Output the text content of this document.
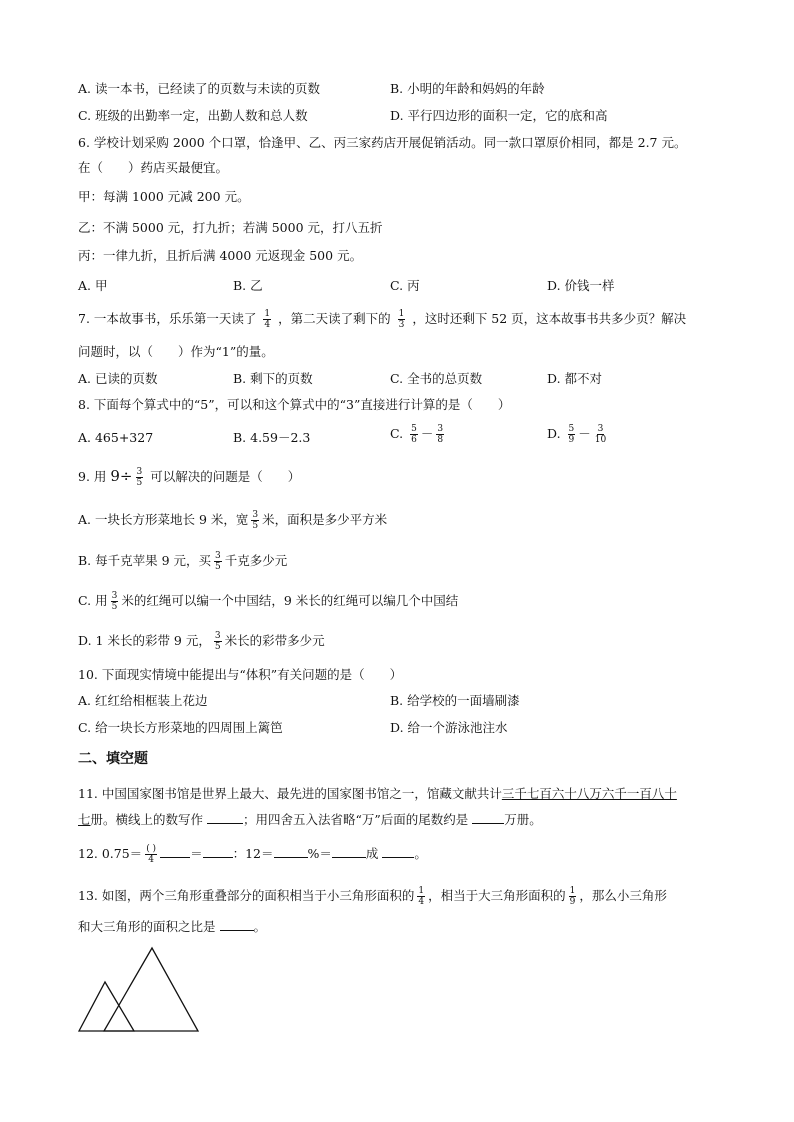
A. 读一本书，已经读了的页数与未读的页数	B. 小明的年龄和妈妈的年龄
C. 班级的出勤率一定，出勤人数和总人数	D. 平行四边形的面积一定，它的底和高
6. 学校计划采购 2000 个口罩，恰逢甲、乙、丙三家药店开展促销活动。同一款口罩原价相同，都是 2.7 元。
在（　　）药店买最便宜。
甲：每满 1000 元减 200 元。
乙：不满 5000 元，打九折；若满 5000 元，打八五折
丙：一律九折，且折后满 4000 元返现金 500 元。
A. 甲	B. 乙	C. 丙	D. 价钱一样
7. 一本故事书，乐乐第一天读了 $\frac{1}{4}$ ，第二天读了剩下的 $\frac{1}{3}$ ，这时还剩下 52 页，这本故事书共多少页？解决
问题时，以（　　）作为“1”的量。
A. 已读的页数	B. 剩下的页数	C. 全书的总页数	D. 都不对
8. 下面每个算式中的“5”，可以和这个算式中的“3”直接进行计算的是（　　）
A. 465+327	B. 4.59－2.3	C. $\frac{5}{6} - \frac{3}{8}$	D. $\frac{5}{9} - \frac{3}{10}$
9. 用 $9\div \frac{3}{5}$ 可以解决的问题是（　　）
A. 一块长方形菜地长 9 米，宽 $\frac{3}{5}$ 米，面积是多少平方米
B. 每千克苹果 9 元，买 $\frac{3}{5}$ 千克多少元
C. 用 $\frac{3}{5}$ 米的红绳可以编一个中国结，9 米长的红绳可以编几个中国结
D. 1 米长的彩带 9 元， $\frac{3}{5}$ 米长的彩带多少元
10. 下面现实情境中能提出与“体积”有关问题的是（　　）
A. 红红给相框装上花边	B. 给学校的一面墙刷漆
C. 给一块长方形菜地的四周围上篱笆	D. 给一个游泳池注水
二、填空题
11. 中国国家图书馆是世界上最大、最先进的国家图书馆之一，馆藏文献共计三千七百六十八万六千一百八十
七册。横线上的数写作	；用四舍五入法省略“万”后面的尾数约是	万册。
12. $0.75= \frac{( )}{4}$	＝ ：12＝	%＝	成	。
13. 如图，两个三角形重叠部分的面积相当于小三角形面积的 $\frac{1}{4}$ ，相当于大三角形面积的 $\frac{1}{9}$ ，那么小三角形
和大三角形的面积之比是	。
